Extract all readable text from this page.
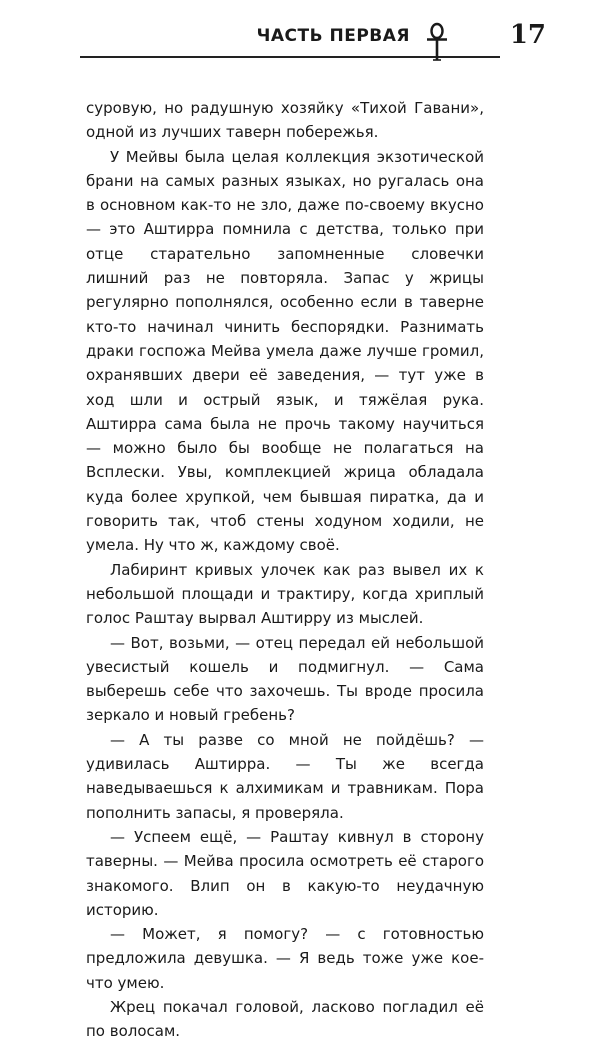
ЧАСТЬ ПЕРВАЯ	17

суровую, но радушную хозяйку «Тихой Гавани», одной из лучших таверн побережья.

У Мейвы была целая коллекция экзотической брани на самых разных языках, но ругалась она в основном как-то не зло, даже по-своему вкусно — это Аштирра помнила с детства, только при отце старательно запомненные словечки лишний раз не повторяла. Запас у жрицы регулярно пополнялся, особенно если в таверне кто-то начинал чинить беспорядки. Разнимать драки госпожа Мейва умела даже лучше громил, охранявших двери её заведения, — тут уже в ход шли и острый язык, и тяжёлая рука. Аштирра сама была не прочь такому научиться — можно было бы вообще не полагаться на Всплески. Увы, комплекцией жрица обладала куда более хрупкой, чем бывшая пиратка, да и говорить так, чтоб стены ходуном ходили, не умела. Ну что ж, каждому своё.

Лабиринт кривых улочек как раз вывел их к небольшой площади и трактиру, когда хриплый голос Раштау вырвал Аштирру из мыслей.

— Вот, возьми, — отец передал ей небольшой увесистый кошель и подмигнул. — Сама выберешь себе что захочешь. Ты вроде просила зеркало и новый гребень?

— А ты разве со мной не пойдёшь? — удивилась Аштирра. — Ты же всегда наведываешься к алхимикам и травникам. Пора пополнить запасы, я проверяла.

— Успеем ещё, — Раштау кивнул в сторону таверны. — Мейва просила осмотреть её старого знакомого. Влип он в какую-то неудачную историю.

— Может, я помогу? — с готовностью предложила девушка. — Я ведь тоже уже кое-что умею.

Жрец покачал головой, ласково погладил её по волосам.
